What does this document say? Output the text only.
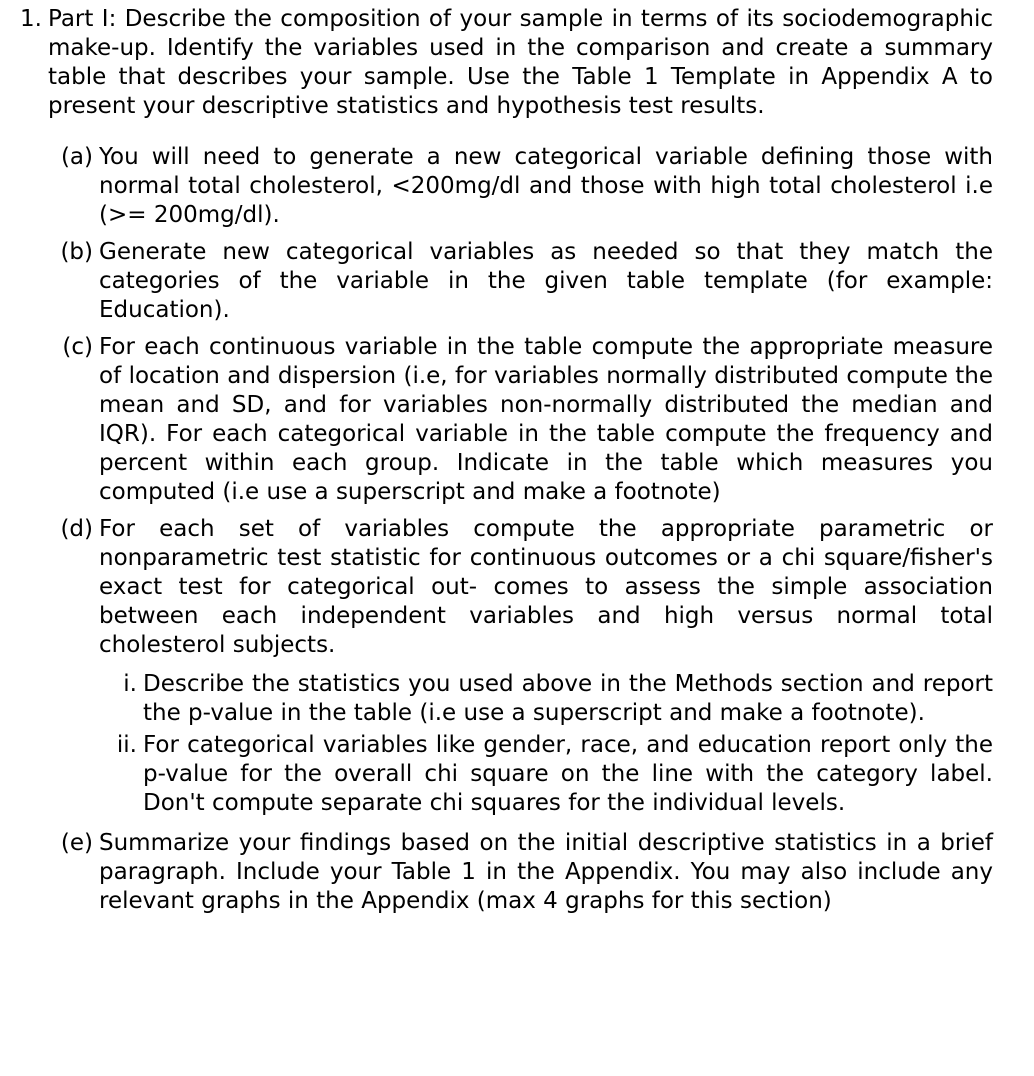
1. Part I: Describe the composition of your sample in terms of its sociodemographic make-up. Identify the variables used in the comparison and create a summary table that describes your sample. Use the Table 1 Template in Appendix A to present your descriptive statistics and hypothesis test results.
(a) You will need to generate a new categorical variable defining those with normal total cholesterol, <200mg/dl and those with high total cholesterol i.e (>= 200mg/dl).
(b) Generate new categorical variables as needed so that they match the categories of the variable in the given table template (for example: Education).
(c) For each continuous variable in the table compute the appropriate measure of location and dispersion (i.e, for variables normally distributed compute the mean and SD, and for variables non-normally distributed the median and IQR). For each categorical variable in the table compute the frequency and percent within each group. Indicate in the table which measures you computed (i.e use a superscript and make a footnote)
(d) For each set of variables compute the appropriate parametric or nonparametric test statistic for continuous outcomes or a chi square/fisher's exact test for categorical out- comes to assess the simple association between each independent variables and high versus normal total cholesterol subjects.
i. Describe the statistics you used above in the Methods section and report the p-value in the table (i.e use a superscript and make a footnote).
ii. For categorical variables like gender, race, and education report only the p-value for the overall chi square on the line with the category label. Don't compute separate chi squares for the individual levels.
(e) Summarize your findings based on the initial descriptive statistics in a brief paragraph. Include your Table 1 in the Appendix. You may also include any relevant graphs in the Appendix (max 4 graphs for this section)
